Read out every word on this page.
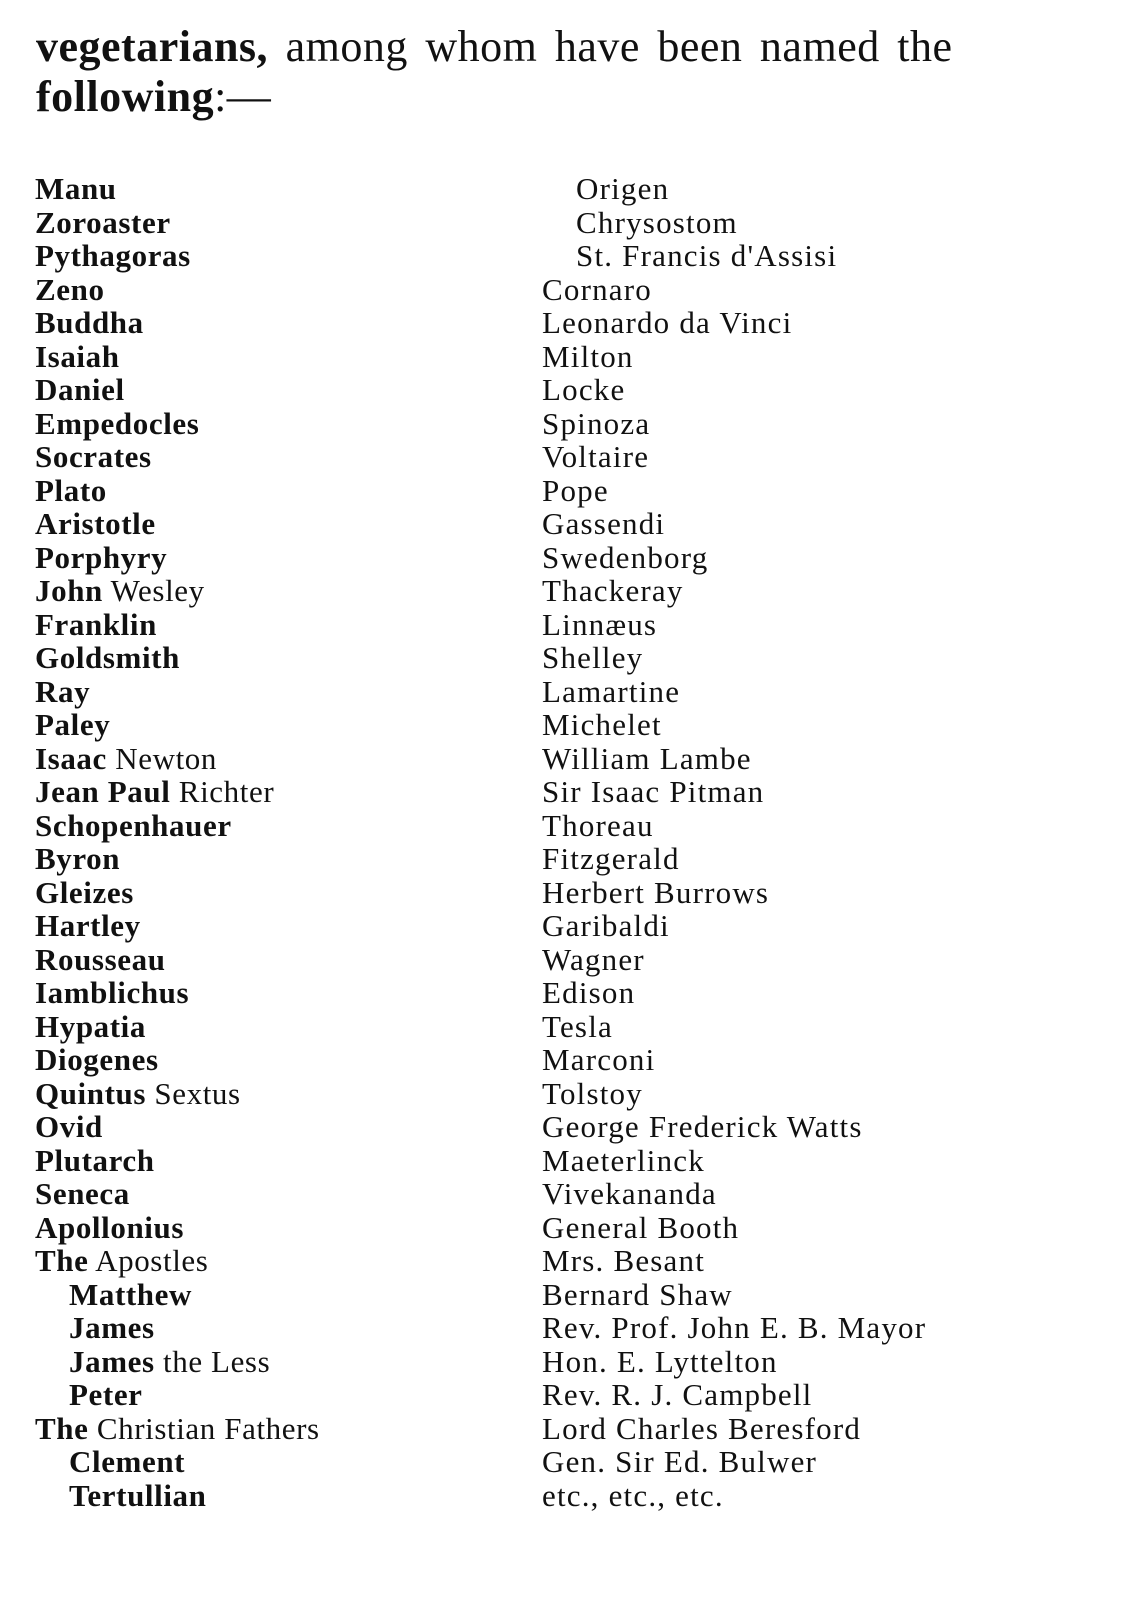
vegetarians, among whom have been named the
following:—

Manu
Zoroaster
Pythagoras
Zeno
Buddha
Isaiah
Daniel
Empedocles
Socrates
Plato
Aristotle
Porphyry
John Wesley
Franklin
Goldsmith
Ray
Paley
Isaac Newton
Jean Paul Richter
Schopenhauer
Byron
Gleizes
Hartley
Rousseau
Iamblichus
Hypatia
Diogenes
Quintus Sextus
Ovid
Plutarch
Seneca
Apollonius
The Apostles
Matthew
James
James the Less
Peter
The Christian Fathers
Clement
Tertullian
Origen
Chrysostom
St. Francis d'Assisi
Cornaro
Leonardo da Vinci
Milton
Locke
Spinoza
Voltaire
Pope
Gassendi
Swedenborg
Thackeray
Linnæus
Shelley
Lamartine
Michelet
William Lambe
Sir Isaac Pitman
Thoreau
Fitzgerald
Herbert Burrows
Garibaldi
Wagner
Edison
Tesla
Marconi
Tolstoy
George Frederick Watts
Maeterlinck
Vivekananda
General Booth
Mrs. Besant
Bernard Shaw
Rev. Prof. John E. B. Mayor
Hon. E. Lyttelton
Rev. R. J. Campbell
Lord Charles Beresford
Gen. Sir Ed. Bulwer
etc., etc., etc.
